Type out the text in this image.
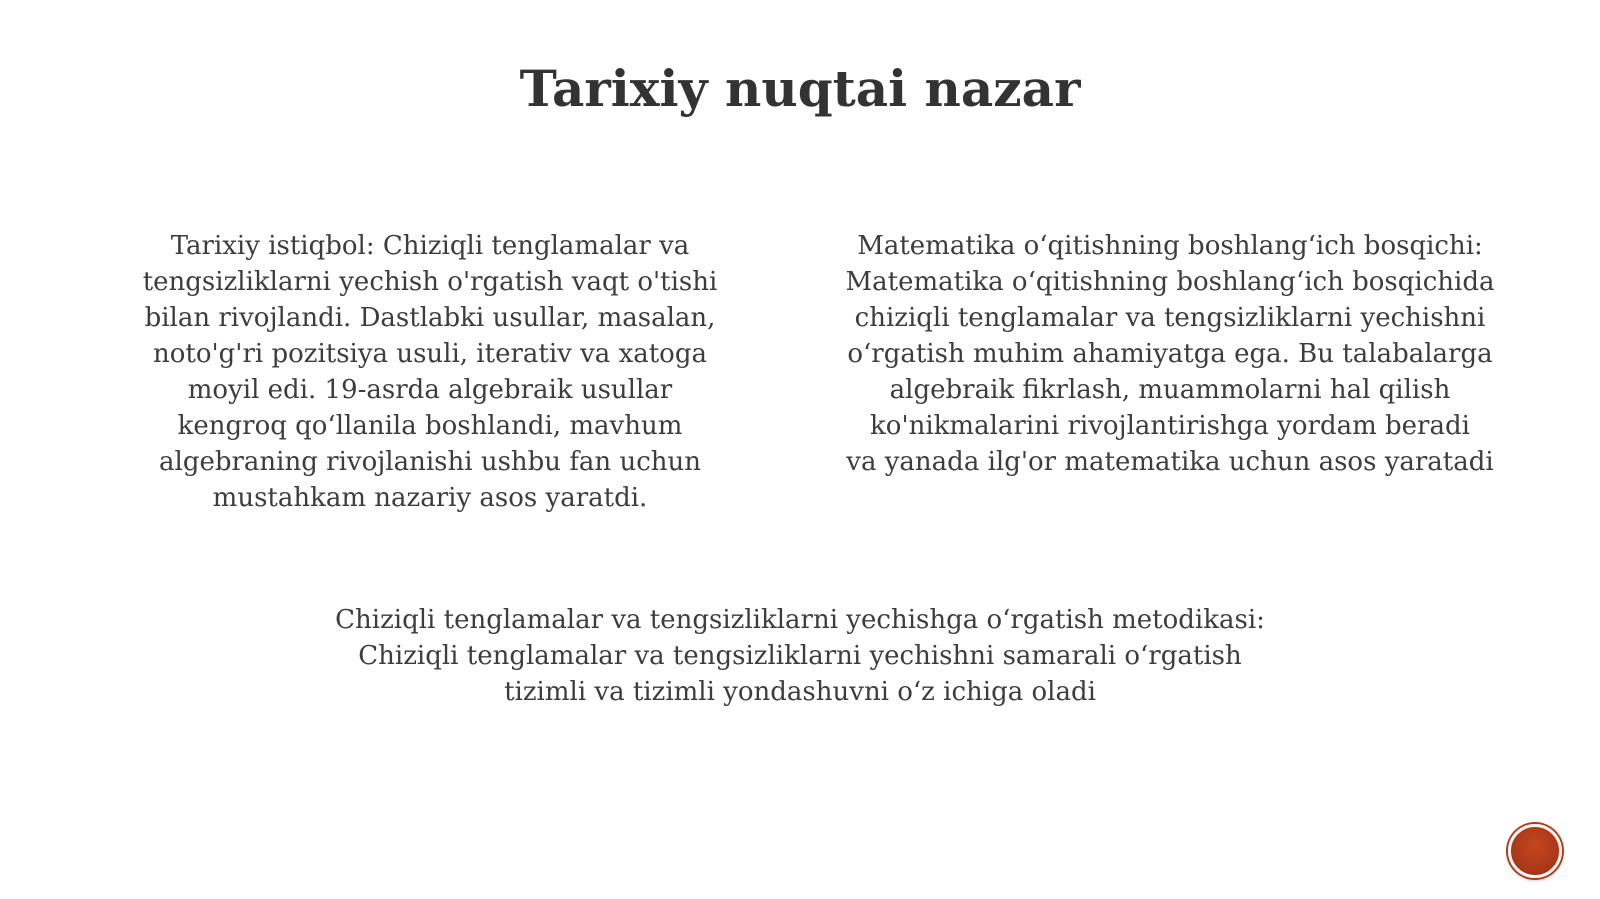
Tarixiy nuqtai nazar
Tarixiy istiqbol: Chiziqli tenglamalar va
tengsizliklarni yechish o'rgatish vaqt o'tishi
bilan rivojlandi. Dastlabki usullar, masalan,
noto'g'ri pozitsiya usuli, iterativ va xatoga
moyil edi. 19-asrda algebraik usullar
kengroq qo‘llanila boshlandi, mavhum
algebraning rivojlanishi ushbu fan uchun
mustahkam nazariy asos yaratdi.
Matematika o‘qitishning boshlang‘ich bosqichi:
Matematika o‘qitishning boshlang‘ich bosqichida
chiziqli tenglamalar va tengsizliklarni yechishni
o‘rgatish muhim ahamiyatga ega. Bu talabalarga
algebraik fikrlash, muammolarni hal qilish
ko'nikmalarini rivojlantirishga yordam beradi
va yanada ilg'or matematika uchun asos yaratadi
Chiziqli tenglamalar va tengsizliklarni yechishga o‘rgatish metodikasi:
Chiziqli tenglamalar va tengsizliklarni yechishni samarali o‘rgatish
tizimli va tizimli yondashuvni o‘z ichiga oladi
